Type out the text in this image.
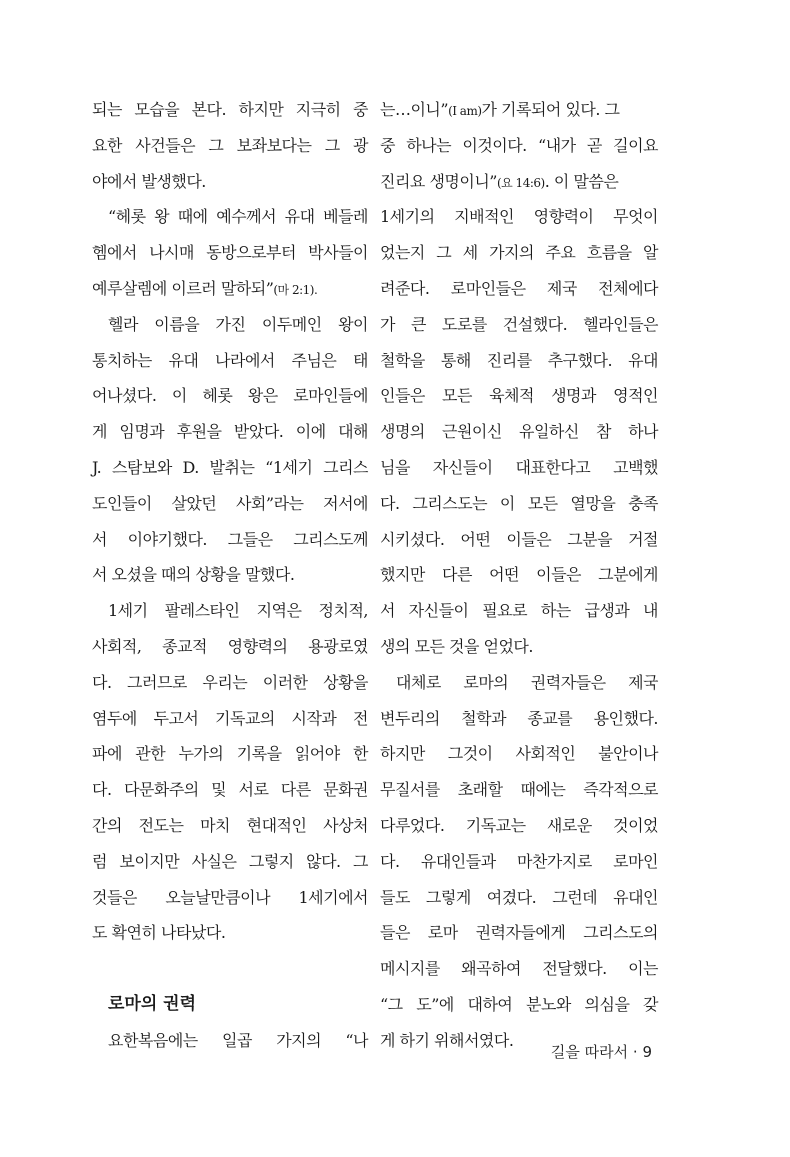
되는 모습을 본다. 하지만 지극히 중
요한 사건들은 그 보좌보다는 그 광
야에서 발생했다.
“헤롯 왕 때에 예수께서 유대 베들레
헴에서 나시매 동방으로부터 박사들이
예루살렘에 이르러 말하되”(마 2:1).
헬라 이름을 가진 이두메인 왕이
통치하는 유대 나라에서 주님은 태
어나셨다. 이 헤롯 왕은 로마인들에
게 임명과 후원을 받았다. 이에 대해
J. 스탐보와 D. 발취는 “1세기 그리스
도인들이 살았던 사회”라는 저서에
서 이야기했다. 그들은 그리스도께
서 오셨을 때의 상황을 말했다.
1세기 팔레스타인 지역은 정치적,
사회적, 종교적 영향력의 용광로였
다. 그러므로 우리는 이러한 상황을
염두에 두고서 기독교의 시작과 전
파에 관한 누가의 기록을 읽어야 한
다. 다문화주의 및 서로 다른 문화권
간의 전도는 마치 현대적인 사상처
럼 보이지만 사실은 그렇지 않다. 그
것들은 오늘날만큼이나 1세기에서
도 확연히 나타났다.
로마의 권력
요한복음에는 일곱 가지의 “나
는…이니”(I am)가 기록되어 있다. 그
중 하나는 이것이다. “내가 곧 길이요
진리요 생명이니”(요 14:6). 이 말씀은
1세기의 지배적인 영향력이 무엇이
었는지 그 세 가지의 주요 흐름을 알
려준다. 로마인들은 제국 전체에다
가 큰 도로를 건설했다. 헬라인들은
철학을 통해 진리를 추구했다. 유대
인들은 모든 육체적 생명과 영적인
생명의 근원이신 유일하신 참 하나
님을 자신들이 대표한다고 고백했
다. 그리스도는 이 모든 열망을 충족
시키셨다. 어떤 이들은 그분을 거절
했지만 다른 어떤 이들은 그분에게
서 자신들이 필요로 하는 급생과 내
생의 모든 것을 얻었다.
대체로 로마의 권력자들은 제국
변두리의 철학과 종교를 용인했다.
하지만 그것이 사회적인 불안이나
무질서를 초래할 때에는 즉각적으로
다루었다. 기독교는 새로운 것이었
다. 유대인들과 마찬가지로 로마인
들도 그렇게 여겼다. 그런데 유대인
들은 로마 권력자들에게 그리스도의
메시지를 왜곡하여 전달했다. 이는
“그 도”에 대하여 분노와 의심을 갖
게 하기 위해서였다.
길을 따라서 · 9
